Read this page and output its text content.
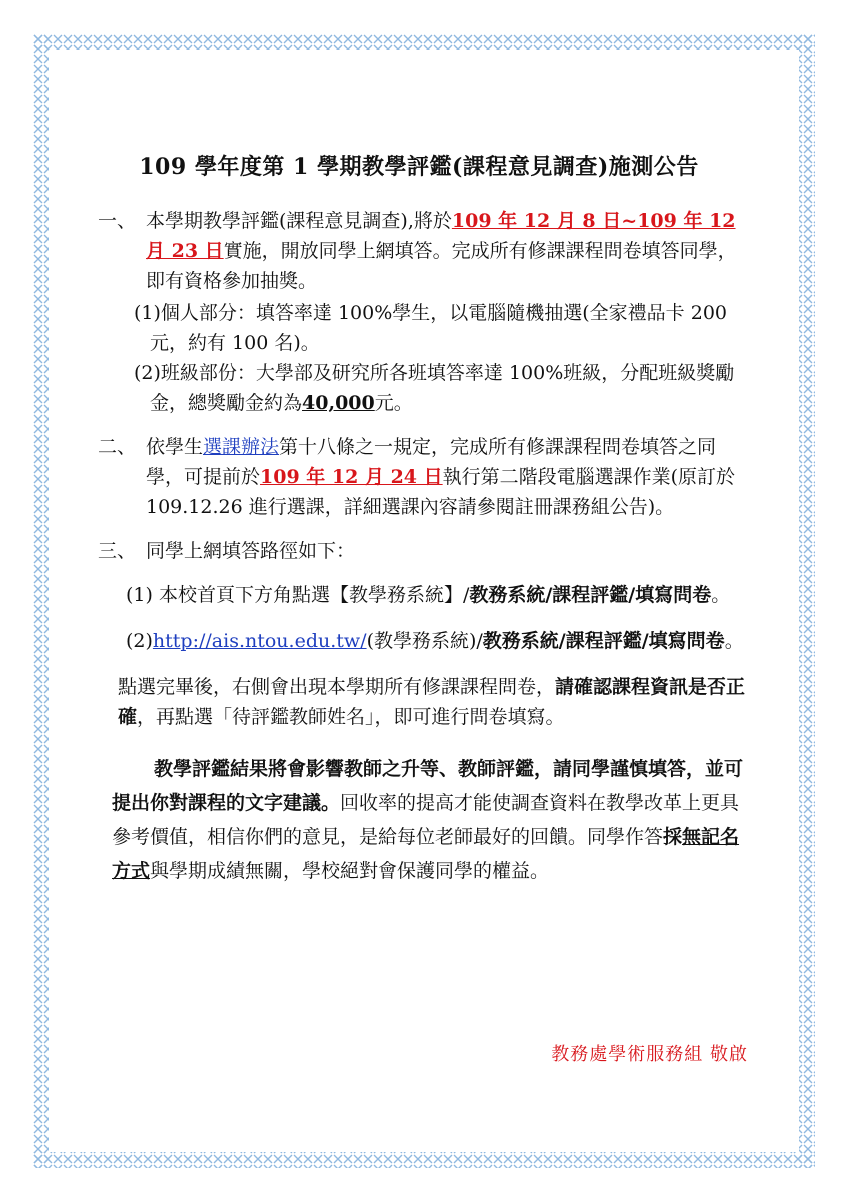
109 學年度第 1 學期教學評鑑(課程意見調查)施測公告
一、 本學期教學評鑑(課程意見調查),將於109 年 12 月 8 日~109 年 12 月 23 日實施，開放同學上網填答。完成所有修課課程問卷填答同學，即有資格參加抽獎。

(1)個人部分：填答率達 100%學生，以電腦隨機抽選(全家禮品卡 200 元，約有 100 名)。

(2)班級部份：大學部及研究所各班填答率達 100%班級，分配班級獎勵金，總獎勵金約為40,000元。

二、 依學生選課辦法第十八條之一規定，完成所有修課課程問卷填答之同學，可提前於109 年 12 月 24 日執行第二階段電腦選課作業(原訂於 109.12.26 進行選課，詳細選課內容請參閱註冊課務組公告)。

三、 同學上網填答路徑如下：

(1) 本校首頁下方角點選【教學務系統】/教務系統/課程評鑑/填寫問卷。

(2)http://ais.ntou.edu.tw/(教學務系統)/教務系統/課程評鑑/填寫問卷。

點選完畢後，右側會出現本學期所有修課課程問卷，請確認課程資訊是否正確，再點選「待評鑑教師姓名」，即可進行問卷填寫。

教學評鑑結果將會影響教師之升等、教師評鑑，請同學謹慎填答，並可提出你對課程的文字建議。回收率的提高才能使調查資料在教學改革上更具參考價值，相信你們的意見，是給每位老師最好的回饋。同學作答採無記名方式與學期成績無關，學校絕對會保護同學的權益。

教務處學術服務組 敬啟
